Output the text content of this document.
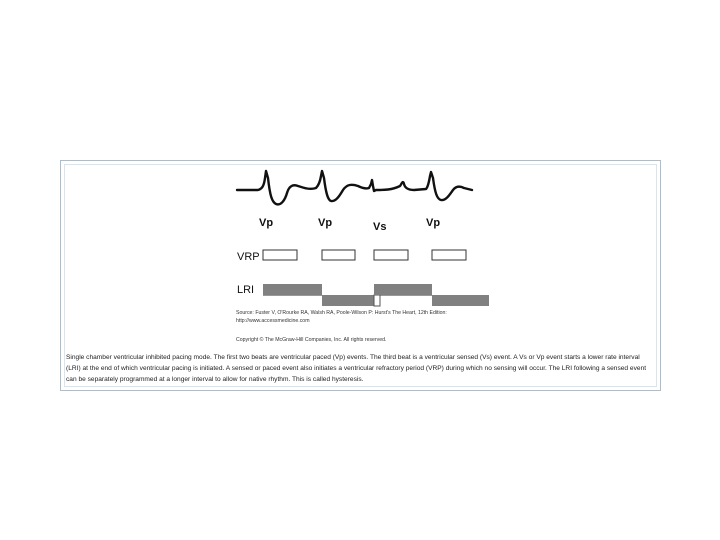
Vp	Vp	Vs	Vp
VRP
LRI
Source: Fuster V, O'Rourke RA, Walsh RA, Poole-Wilson P: Hurst's The Heart, 12th Edition: http://www.accessmedicine.com
Copyright © The McGraw-Hill Companies, Inc. All rights reserved.
Single chamber ventricular inhibited pacing mode. The first two beats are ventricular paced (Vp) events. The third beat is a ventricular sensed (Vs) event. A Vs or Vp event starts a lower rate interval (LRI) at the end of which ventricular pacing is initiated. A sensed or paced event also initiates a ventricular refractory period (VRP) during which no sensing will occur. The LRI following a sensed event can be separately programmed at a longer interval to allow for native rhythm. This is called hysteresis.
